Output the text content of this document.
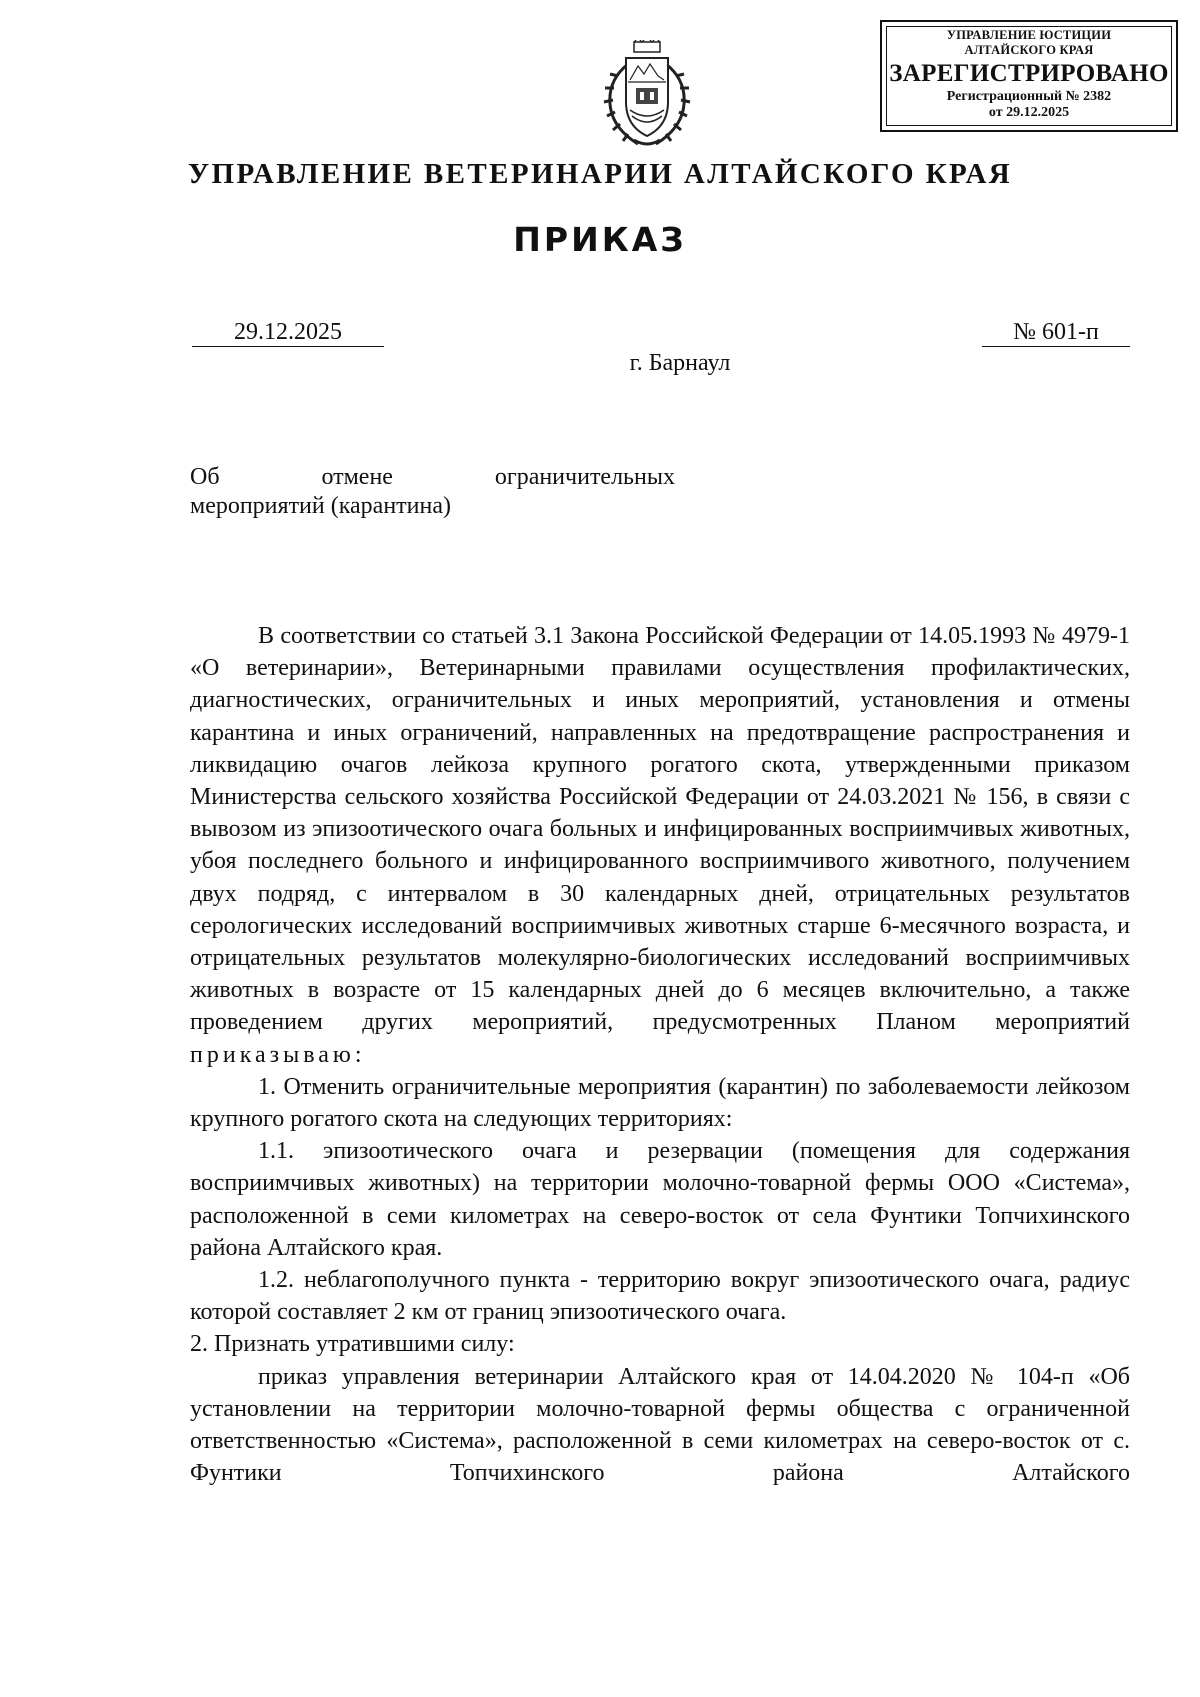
УПРАВЛЕНИЕ ЮСТИЦИИ
АЛТАЙСКОГО КРАЯ
ЗАРЕГИСТРИРОВАНО
Регистрационный № 2382
от 29.12.2025
УПРАВЛЕНИЕ ВЕТЕРИНАРИИ АЛТАЙСКОГО КРАЯ
ПРИКАЗ
29.12.2025	№ 601-п
г. Барнаул
Об	отмене	ограничительных
мероприятий (карантина)

В соответствии со статьей 3.1 Закона Российской Федерации от 14.05.1993 № 4979-1 «О ветеринарии», Ветеринарными правилами осуществления профилактических, диагностических, ограничительных и иных мероприятий, установления и отмены карантина и иных ограничений, направленных на предотвращение распространения и ликвидацию очагов лейкоза крупного рогатого скота, утвержденными приказом Министерства сельского хозяйства Российской Федерации от 24.03.2021 № 156, в связи с вывозом из эпизоотического очага больных и инфицированных восприимчивых животных, убоя последнего больного и инфицированного восприимчивого животного, получением двух подряд, с интервалом в 30 календарных дней, отрицательных результатов серологических исследований восприимчивых животных старше 6-месячного возраста, и отрицательных результатов молекулярно-биологических исследований восприимчивых животных в возрасте от 15 календарных дней до 6 месяцев включительно, а также проведением других мероприятий, предусмотренных Планом мероприятий приказываю:

1. Отменить ограничительные мероприятия (карантин) по заболеваемости лейкозом крупного рогатого скота на следующих территориях:

1.1. эпизоотического очага и резервации (помещения для содержания восприимчивых животных) на территории молочно-товарной фермы ООО «Система», расположенной в семи километрах на северо-восток от села Фунтики Топчихинского района Алтайского края.

1.2. неблагополучного пункта - территорию вокруг эпизоотического очага, радиус которой составляет 2 км от границ эпизоотического очага.

2. Признать утратившими силу:

приказ управления ветеринарии Алтайского края от 14.04.2020 № 104-п «Об установлении на территории молочно-товарной фермы общества с ограниченной ответственностью «Система», расположенной в семи километрах на северо-восток от с. Фунтики Топчихинского района Алтайского
